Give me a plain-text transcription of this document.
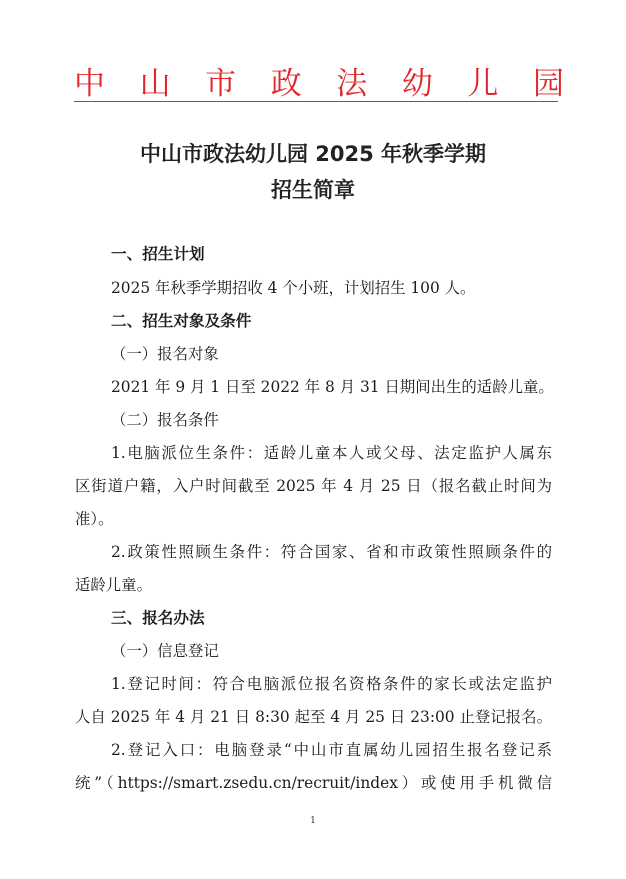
中 山 市 政 法 幼 儿 园
中山市政法幼儿园 2025 年秋季学期
招生简章
一、招生计划
2025 年秋季学期招收 4 个小班，计划招生 100 人。
二、招生对象及条件
（一）报名对象
2021 年 9 月 1 日至 2022 年 8 月 31 日期间出生的适龄儿童。
（二）报名条件
1.电脑派位生条件：适龄儿童本人或父母、法定监护人属东
区街道户籍，入户时间截至 2025 年 4 月 25 日（报名截止时间为
准）。
2.政策性照顾生条件：符合国家、省和市政策性照顾条件的
适龄儿童。
三、报名办法
（一）信息登记
1.登记时间：符合电脑派位报名资格条件的家长或法定监护
人自 2025 年 4 月 21 日 8:30 起至 4 月 25 日 23:00 止登记报名。
2.登记入口：电脑登录“中山市直属幼儿园招生报名登记系
统”（https://smart.zsedu.cn/recruit/index）或使用手机微信
1
